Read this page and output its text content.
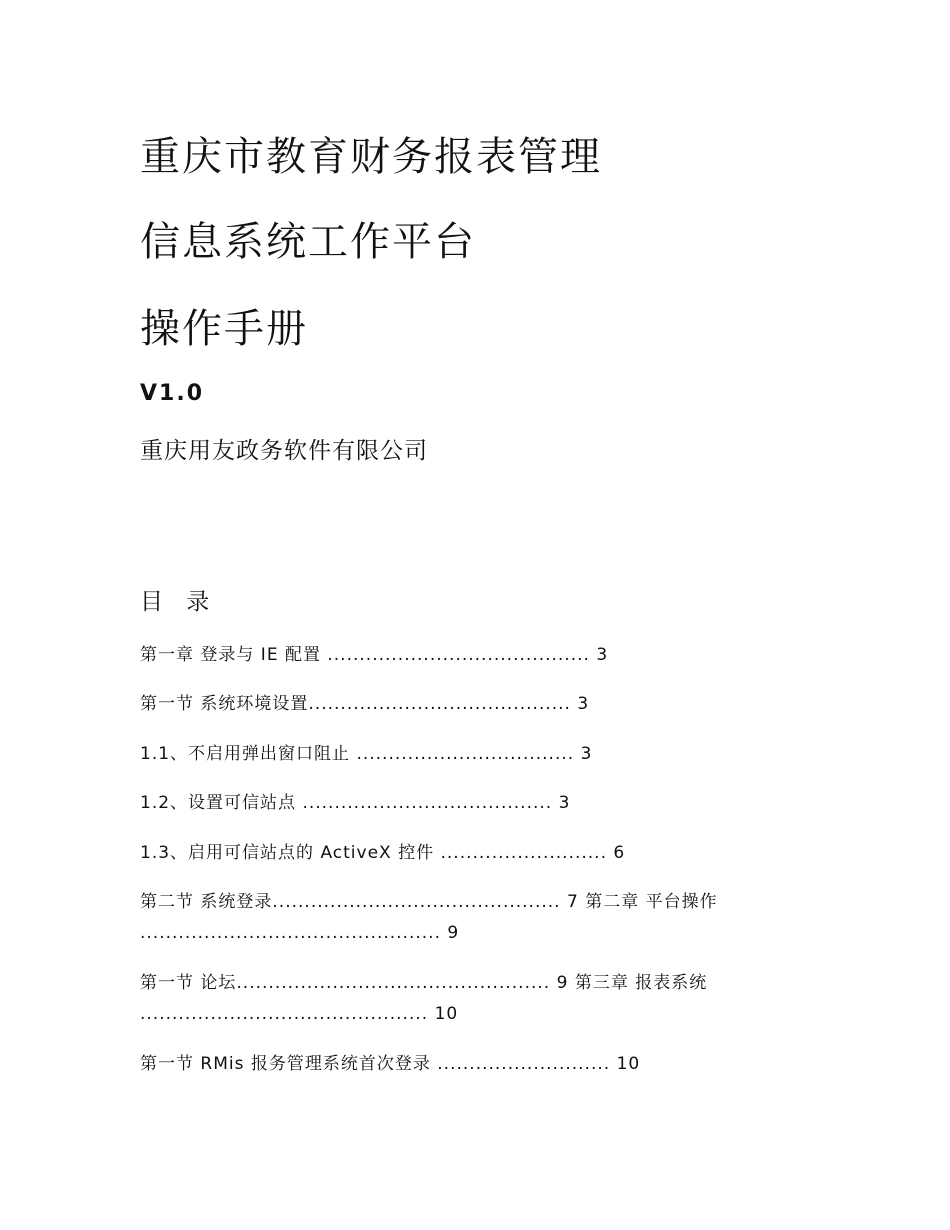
重庆市教育财务报表管理
信息系统工作平台
操作手册
V1.0
重庆用友政务软件有限公司
目 录
第一章 登录与 IE 配置 ......................................... 3
第一节 系统环境设置......................................... 3
1.1、不启用弹出窗口阻止 .................................. 3
1.2、设置可信站点 ....................................... 3
1.3、启用可信站点的 ActiveX 控件 .......................... 6
第二节 系统登录............................................. 7 第二章 平台操作
............................................... 9
第一节 论坛................................................. 9 第三章 报表系统
............................................. 10
第一节 RMis 报务管理系统首次登录 ........................... 10
